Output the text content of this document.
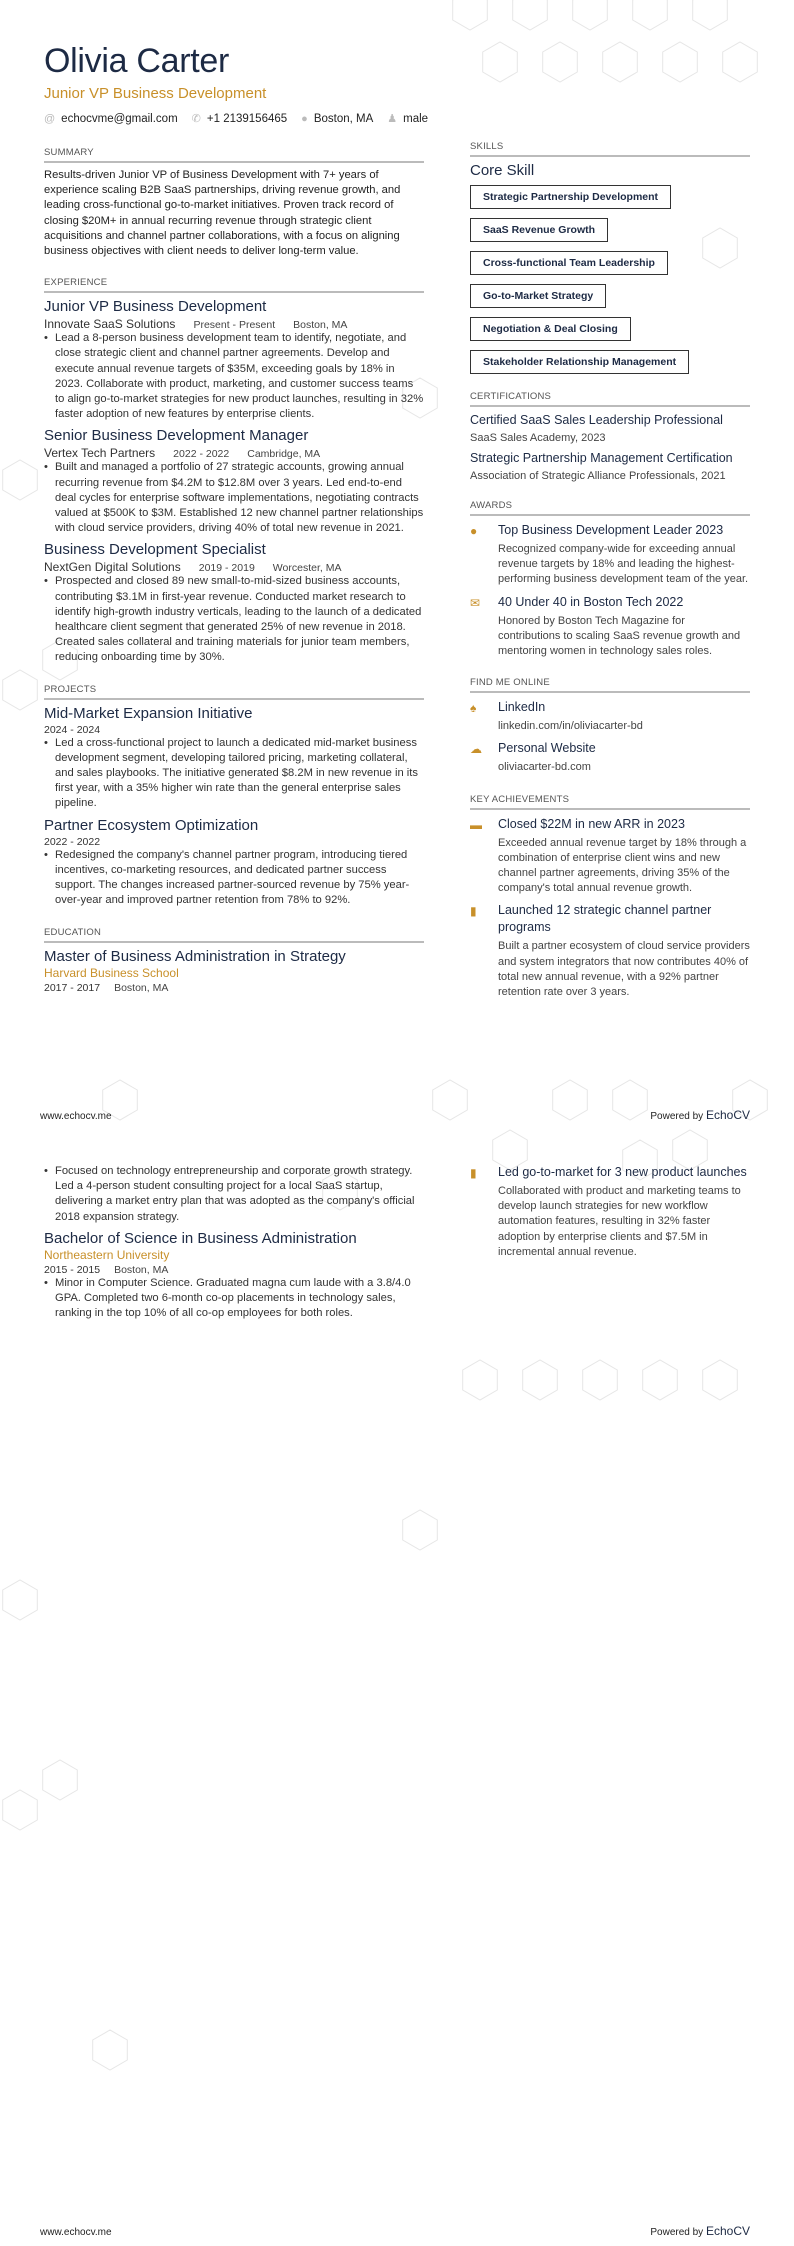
Olivia Carter
Junior VP Business Development
@ echocvme@gmail.com ✆ +1 2139156465 ● Boston, MA ♟ male
SUMMARY

Results-driven Junior VP of Business Development with 7+ years of experience scaling B2B SaaS partnerships, driving revenue growth, and leading cross-functional go-to-market initiatives. Proven track record of closing $20M+ in annual recurring revenue through strategic client acquisitions and channel partner collaborations, with a focus on aligning business objectives with client needs to deliver long-term value.

EXPERIENCE
Junior VP Business Development
Innovate SaaS Solutions Present - Present Boston, MA
• Lead a 8-person business development team to identify, negotiate, and close strategic client and channel partner agreements. Develop and execute annual revenue targets of $35M, exceeding goals by 18% in 2023. Collaborate with product, marketing, and customer success teams to align go-to-market strategies for new product launches, resulting in 32% faster adoption of new features by enterprise clients.
Senior Business Development Manager
Vertex Tech Partners 2022 - 2022 Cambridge, MA
• Built and managed a portfolio of 27 strategic accounts, growing annual recurring revenue from $4.2M to $12.8M over 3 years. Led end-to-end deal cycles for enterprise software implementations, negotiating contracts valued at $500K to $3M. Established 12 new channel partner relationships with cloud service providers, driving 40% of total new revenue in 2021.
Business Development Specialist
NextGen Digital Solutions 2019 - 2019 Worcester, MA
• Prospected and closed 89 new small-to-mid-sized business accounts, contributing $3.1M in first-year revenue. Conducted market research to identify high-growth industry verticals, leading to the launch of a dedicated healthcare client segment that generated 25% of new revenue in 2018. Created sales collateral and training materials for junior team members, reducing onboarding time by 30%.
PROJECTS
Mid-Market Expansion Initiative
2024 - 2024
• Led a cross-functional project to launch a dedicated mid-market business development segment, developing tailored pricing, marketing collateral, and sales playbooks. The initiative generated $8.2M in new revenue in its first year, with a 35% higher win rate than the general enterprise sales pipeline.
Partner Ecosystem Optimization
2022 - 2022
• Redesigned the company's channel partner program, introducing tiered incentives, co-marketing resources, and dedicated partner success support. The changes increased partner-sourced revenue by 75% year-over-year and improved partner retention from 78% to 92%.
EDUCATION
Master of Business Administration in Strategy
Harvard Business School
2017 - 2017 Boston, MA
SKILLS
Core Skill
Strategic Partnership Development
SaaS Revenue Growth
Cross-functional Team Leadership
Go-to-Market Strategy
Negotiation & Deal Closing
Stakeholder Relationship Management
CERTIFICATIONS
Certified SaaS Sales Leadership Professional
SaaS Sales Academy, 2023
Strategic Partnership Management Certification
Association of Strategic Alliance Professionals, 2021
AWARDS
●	Top Business Development Leader 2023
Recognized company-wide for exceeding annual revenue targets by 18% and leading the highest-performing business development team of the year.
✉	40 Under 40 in Boston Tech 2022
Honored by Boston Tech Magazine for contributions to scaling SaaS revenue growth and mentoring women in technology sales roles.
FIND ME ONLINE
♠	LinkedIn
linkedin.com/in/oliviacarter-bd
☁ Personal Website
oliviacarter-bd.com
KEY ACHIEVEMENTS
▬ Closed $22M in new ARR in 2023
Exceeded annual revenue target by 18% through a combination of enterprise client wins and new channel partner agreements, driving 35% of the company's total annual revenue growth.
▮	Launched 12 strategic channel partner programs
Built a partner ecosystem of cloud service providers and system integrators that now contributes 40% of total new annual revenue, with a 92% partner retention rate over 3 years.
www.echocv.me	Powered by EchoCV
• Focused on technology entrepreneurship and corporate growth strategy. Led a 4-person student consulting project for a local SaaS startup, delivering a market entry plan that was adopted as the company's official 2018 expansion strategy.
Bachelor of Science in Business Administration
Northeastern University
2015 - 2015 Boston, MA
• Minor in Computer Science. Graduated magna cum laude with a 3.8/4.0 GPA. Completed two 6-month co-op placements in technology sales, ranking in the top 10% of all co-op employees for both roles.
▮	Led go-to-market for 3 new product launches
Collaborated with product and marketing teams to develop launch strategies for new workflow automation features, resulting in 32% faster adoption by enterprise clients and $7.5M in incremental annual revenue.
www.echocv.me	Powered by EchoCV
